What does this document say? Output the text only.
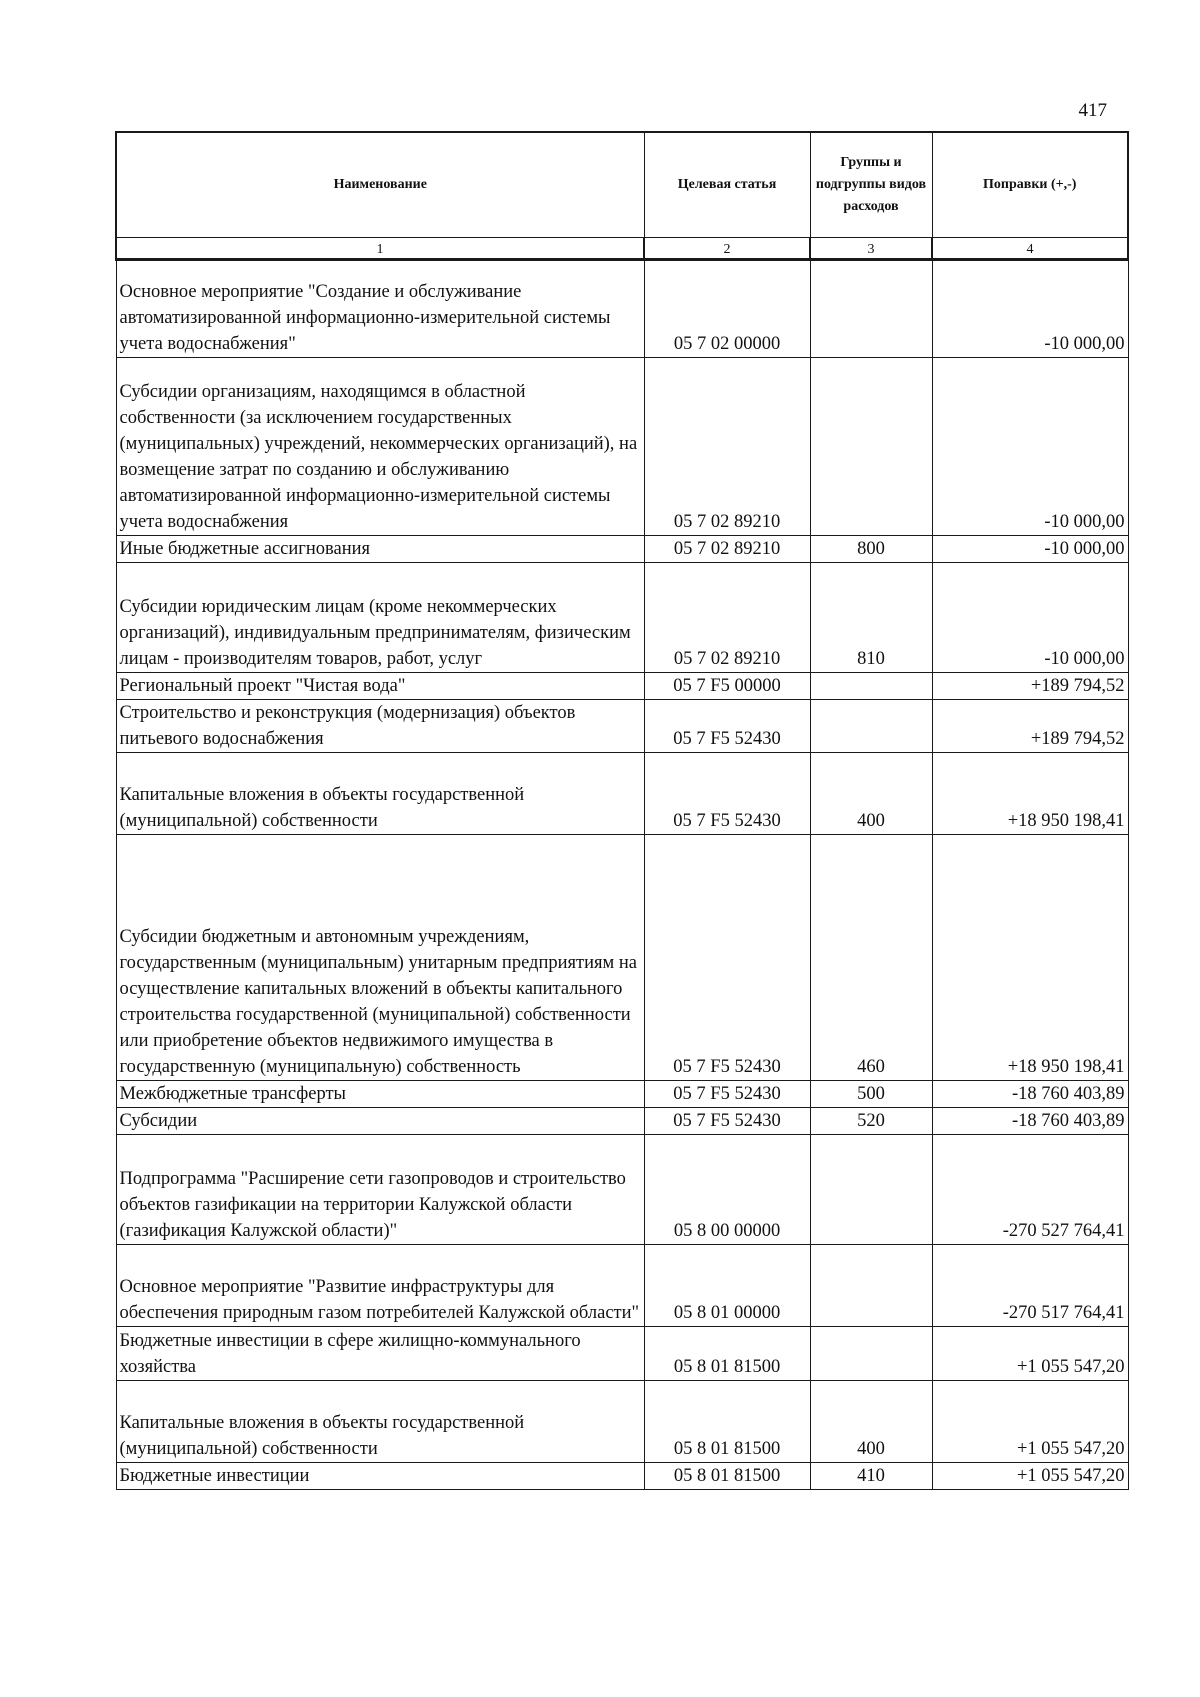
417
Наименование	Целевая статья	Группы и подгруппы видов расходов	Поправки (+,-)
1	2	3	4
Основное мероприятие "Создание и обслуживание автоматизированной информационно-измерительной системы учета водоснабжения"	05 7 02 00000		-10 000,00
Субсидии организациям, находящимся в областной собственности (за исключением государственных (муниципальных) учреждений, некоммерческих организаций), на возмещение затрат по созданию и обслуживанию автоматизированной информационно-измерительной системы учета водоснабжения	05 7 02 89210		-10 000,00
Иные бюджетные ассигнования	05 7 02 89210	800	-10 000,00
Субсидии юридическим лицам (кроме некоммерческих организаций), индивидуальным предпринимателям, физическим лицам - производителям товаров, работ, услуг	05 7 02 89210	810	-10 000,00
Региональный проект "Чистая вода"	05 7 F5 00000		+189 794,52
Строительство и реконструкция (модернизация) объектов питьевого водоснабжения	05 7 F5 52430		+189 794,52
Капитальные вложения в объекты государственной (муниципальной) собственности	05 7 F5 52430	400	+18 950 198,41
Субсидии бюджетным и автономным учреждениям, государственным (муниципальным) унитарным предприятиям на осуществление капитальных вложений в объекты капитального строительства государственной (муниципальной) собственности или приобретение объектов недвижимого имущества в государственную (муниципальную) собственность	05 7 F5 52430	460	+18 950 198,41
Межбюджетные трансферты	05 7 F5 52430	500	-18 760 403,89
Субсидии	05 7 F5 52430	520	-18 760 403,89
Подпрограмма "Расширение сети газопроводов и строительство объектов газификации на территории Калужской области (газификация Калужской области)"	05 8 00 00000		-270 527 764,41
Основное мероприятие "Развитие инфраструктуры для обеспечения природным газом потребителей Калужской области"	05 8 01 00000		-270 517 764,41
Бюджетные инвестиции в сфере жилищно-коммунального хозяйства	05 8 01 81500		+1 055 547,20
Капитальные вложения в объекты государственной (муниципальной) собственности	05 8 01 81500	400	+1 055 547,20
Бюджетные инвестиции	05 8 01 81500	410	+1 055 547,20
